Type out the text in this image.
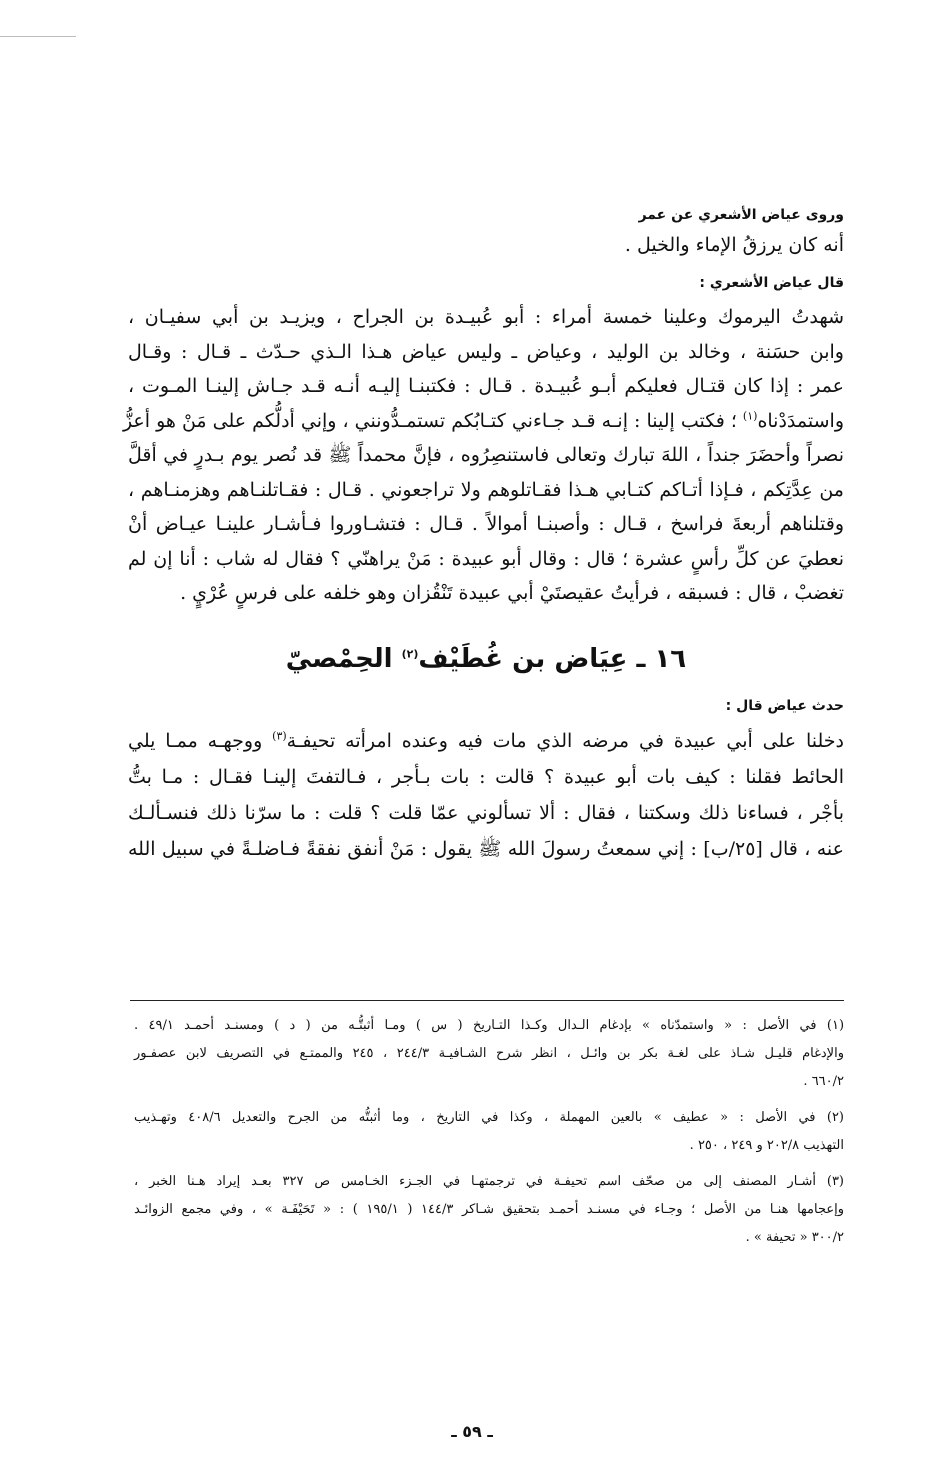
وروى عياض الأشعري عن عمر

أنه كان يرزقُ الإماء والخيل .

قال عياض الأشعري :

شهدتُ اليرموك وعلينا خمسة أمراء : أبو عُبيـدة بن الجراح ، ويزيـد بن أبي سفيـان ،

وابن حسَنة ، وخالد بن الوليد ، وعياض ـ وليس عياض هـذا الـذي حـدّث ـ قـال : وقـال

عمر : إذا كان قتـال فعليكم أبـو عُبيـدة . قـال : فكتبنـا إليـه أنـه قـد جـاش إلينـا المـوت ،

واستمدَدْناه$^{(١)}$ ؛ فكتب إلينا : إنـه قـد جـاءني كتـابُكم تستمـدُّونني ، وإني أدلُّكم على مَنْ هو أعزُّ

نصراً وأحضَرَ جنداً ، اللهَ تبارك وتعالى فاستنصِرُوه ، فإنَّ محمداً ﷺ قد نُصر يوم بـدرٍ في أقلَّ

من عِدَّتِكم ، فـإذا أتـاكم كتـابي هـذا فقـاتلوهم ولا تراجعوني . قـال : فقـاتلنـاهم وهزمنـاهم ،

وقتلناهم أربعةَ فراسخ ، قـال : وأصبنـا أموالاً . قـال : فتشـاوروا فـأشـار علينـا عيـاض أنْ

نعطيَ عن كلِّ رأسٍ عشرة ؛ قال : وقال أبو عبيدة : مَنْ يراهنّي ؟ فقال له شاب : أنا إن لم

تغضبْ ، قال : فسبقه ، فرأيتُ عقيصتَيْ أبي عبيدة تَنْقُزان وهو خلفه على فرسٍ عُرْيٍ .

١٦ ـ عِيَاض بن غُطَيْف$^{(٢)}$ الحِمْصيّ

حدث عياض قال :

دخلنا على أبي عبيدة في مرضه الذي مات فيه وعنده امرأته تحيفـة$^{(٣)}$ ووجهـه ممـا يلي

الحائط فقلنا : كيف بات أبو عبيدة ؟ قالت : بات بـأجر ، فـالتفتَ إلينـا فقـال : مـا بتُّ

بأجْر ، فساءنا ذلك وسكتنا ، فقال : ألا تسألوني عمّا قلت ؟ قلت : ما سرّنا ذلك فنسـألـك

عنه ، قال [٢٥/ب] : إني سمعتُ رسولَ الله ﷺ يقول : مَنْ أنفق نفقةً فـاضلـةً في سبيل الله

(١) في الأصل : « واستمدّناه » بإدغام الـدال وكـذا التـاريخ ( س ) ومـا أثبتُّـه من ( د ) ومسنـد أحمـد ٤٩/١ .

والإدغام قليـل شـاذ على لغـة بكر بن وائـل ، انظر شرح الشـافيـة ٢٤٤/٣ ، ٢٤٥ والممتـع في التصريف لابن عصفـور

٦٦٠/٢ .

(٢) في الأصل : « عطيف » بالعين المهملة ، وكذا في التاريخ ، وما أثبتُّه من الجرح والتعديل ٤٠٨/٦ وتهـذيب

التهذيب ٢٠٢/٨ و ٢٤٩ ، ٢٥٠ .

(٣) أشـار المصنف إلى من صحّف اسم تحيفـة في ترجمتهـا في الجـزء الخـامس ص ٣٢٧ بعـد إيراد هـنا الخبر ،

وإعجامها هنـا من الأصل ؛ وجـاء في مسنـد أحمـد بتحقيق شـاكر ١٤٤/٣ ( ١٩٥/١ ) : « تَحَيْفَـة » ، وفي مجمع الزوائـد

٣٠٠/٢ « تحيفة » .

ـ ٥٩ ـ
